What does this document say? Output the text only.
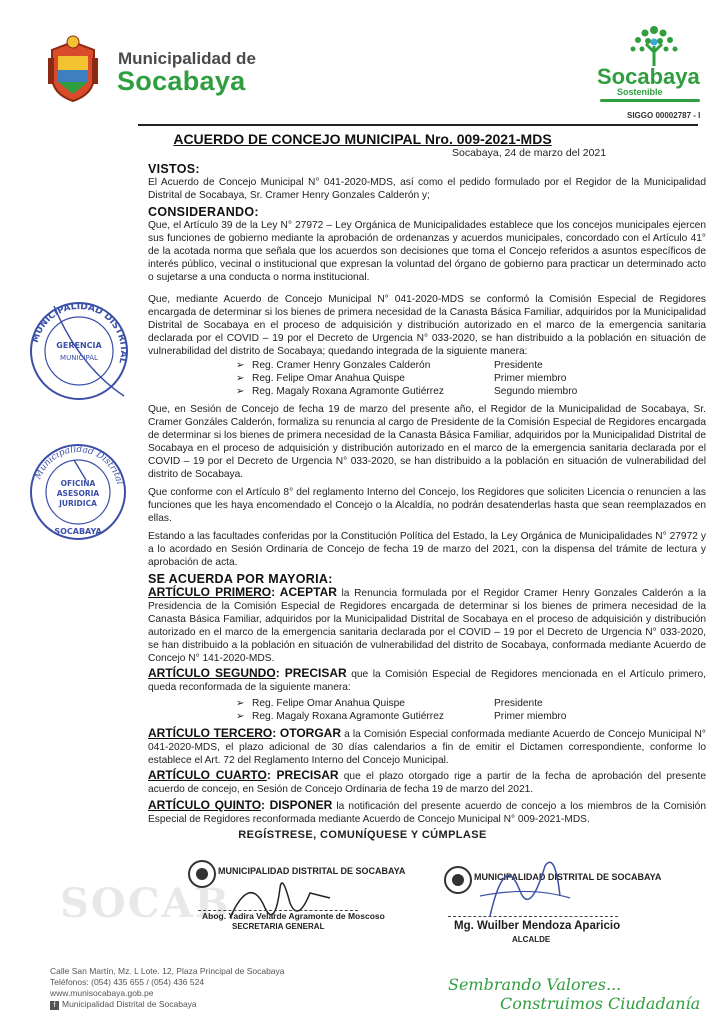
SOCAB
Municipalidad de
Socabaya	Socabaya
Sostenible
SIGGO 00002787 - I
ACUERDO DE CONCEJO MUNICIPAL Nro. 009-2021-MDS
Socabaya, 24 de marzo del 2021
VISTOS:
El Acuerdo de Concejo Municipal N° 041-2020-MDS, así como el pedido formulado por el Regidor de la Municipalidad Distrital de Socabaya, Sr. Cramer Henry Gonzales Calderón y;
CONSIDERANDO:
Que, el Artículo 39 de la Ley N° 27972 – Ley Orgánica de Municipalidades establece que los concejos municipales ejercen sus funciones de gobierno mediante la aprobación de ordenanzas y acuerdos municipales, concordado con el Artículo 41° de la acotada norma que señala que los acuerdos son decisiones que toma el Concejo referidos a asuntos específicos de interés público, vecinal o institucional que expresan la voluntad del órgano de gobierno para practicar un determinado acto o sujetarse a una conducta o norma institucional.
Que, mediante Acuerdo de Concejo Municipal N° 041-2020-MDS se conformó la Comisión Especial de Regidores encargada de determinar si los bienes de primera necesidad de la Canasta Básica Familiar, adquiridos por la Municipalidad Distrital de Socabaya en el proceso de adquisición y distribución autorizado en el marco de la emergencia sanitaria declarada por el COVID – 19 por el Decreto de Urgencia N° 033-2020, se han distribuido a la población en situación de vulnerabilidad del distrito de Socabaya; quedando integrada de la siguiente manera:
➢ Reg. Cramer Henry Gonzales Calderón	Presidente
➢ Reg. Felipe Omar Anahua Quispe	Primer miembro
➢ Reg. Magaly Roxana Agramonte Gutiérrez	Segundo miembro
Que, en Sesión de Concejo de fecha 19 de marzo del presente año, el Regidor de la Municipalidad de Socabaya, Sr. Cramer Gonzáles Calderón, formaliza su renuncia al cargo de Presidente de la Comisión Especial de Regidores encargada de determinar si los bienes de primera necesidad de la Canasta Básica Familiar, adquiridos por la Municipalidad Distrital de Socabaya en el proceso de adquisición y distribución autorizado en el marco de la emergencia sanitaria declarada por el COVID – 19 por el Decreto de Urgencia N° 033-2020, se han distribuido a la población en situación de vulnerabilidad del distrito de Socabaya.
Que conforme con el Artículo 8° del reglamento Interno del Concejo, los Regidores que soliciten Licencia o renuncien a las funciones que les haya encomendado el Concejo o la Alcaldía, no podrán desatenderlas hasta que sean reemplazados en ellas.
Estando a las facultades conferidas por la Constitución Política del Estado, la Ley Orgánica de Municipalidades N° 27972 y a lo acordado en Sesión Ordinaria de Concejo de fecha 19 de marzo del 2021, con la dispensa del trámite de lectura y aprobación de acta.
SE ACUERDA POR MAYORIA:
ARTÍCULO PRIMERO: ACEPTAR la Renuncia formulada por el Regidor Cramer Henry Gonzales Calderón a la Presidencia de la Comisión Especial de Regidores encargada de determinar si los bienes de primera necesidad de la Canasta Básica Familiar, adquiridos por la Municipalidad Distrital de Socabaya en el proceso de adquisición y distribución autorizado en el marco de la emergencia sanitaria declarada por el COVID – 19 por el Decreto de Urgencia N° 033-2020, se han distribuido a la población en situación de vulnerabilidad del distrito de Socabaya, conformada mediante Acuerdo de Concejo N° 141-2020-MDS.
ARTÍCULO SEGUNDO: PRECISAR que la Comisión Especial de Regidores mencionada en el Artículo primero, queda reconformada de la siguiente manera:
➢ Reg. Felipe Omar Anahua Quispe	Presidente
➢ Reg. Magaly Roxana Agramonte Gutiérrez	Primer miembro
ARTÍCULO TERCERO: OTORGAR a la Comisión Especial conformada mediante Acuerdo de Concejo Municipal N° 041-2020-MDS, el plazo adicional de 30 días calendarios a fin de emitir el Dictamen correspondiente, conforme lo establece el Art. 72 del Reglamento Interno del Concejo Municipal.
ARTÍCULO CUARTO: PRECISAR que el plazo otorgado rige a partir de la fecha de aprobación del presente acuerdo de concejo, en Sesión de Concejo Ordinaria de fecha 19 de marzo del 2021.
ARTÍCULO QUINTO: DISPONER la notificación del presente acuerdo de concejo a los miembros de la Comisión Especial de Regidores reconformada mediante Acuerdo de Concejo Municipal N° 009-2021-MDS.
REGÍSTRESE, COMUNÍQUESE Y CÚMPLASE
MUNICIPALIDAD DISTRITAL
GERENCIA
MUNICIPAL
Municipalidad Distrital
OFICINA
ASESORIA
JURIDICA
SOCABAYA
MUNICIPALIDAD DISTRITAL DE SOCABAYA
Abog. Yadira Velarde Agramonte de Moscoso
SECRETARIA GENERAL
MUNICIPALIDAD DISTRITAL DE SOCABAYA
Mg. Wuilber Mendoza Aparicio
ALCALDE
Calle San Martín, Mz. L Lote. 12, Plaza Principal de Socabaya
Teléfonos: (054) 435 655 / (054) 436 524
www.munisocabaya.gob.pe
f Municipalidad Distrital de Socabaya
Sembrando Valores...
Construimos Ciudadanía
